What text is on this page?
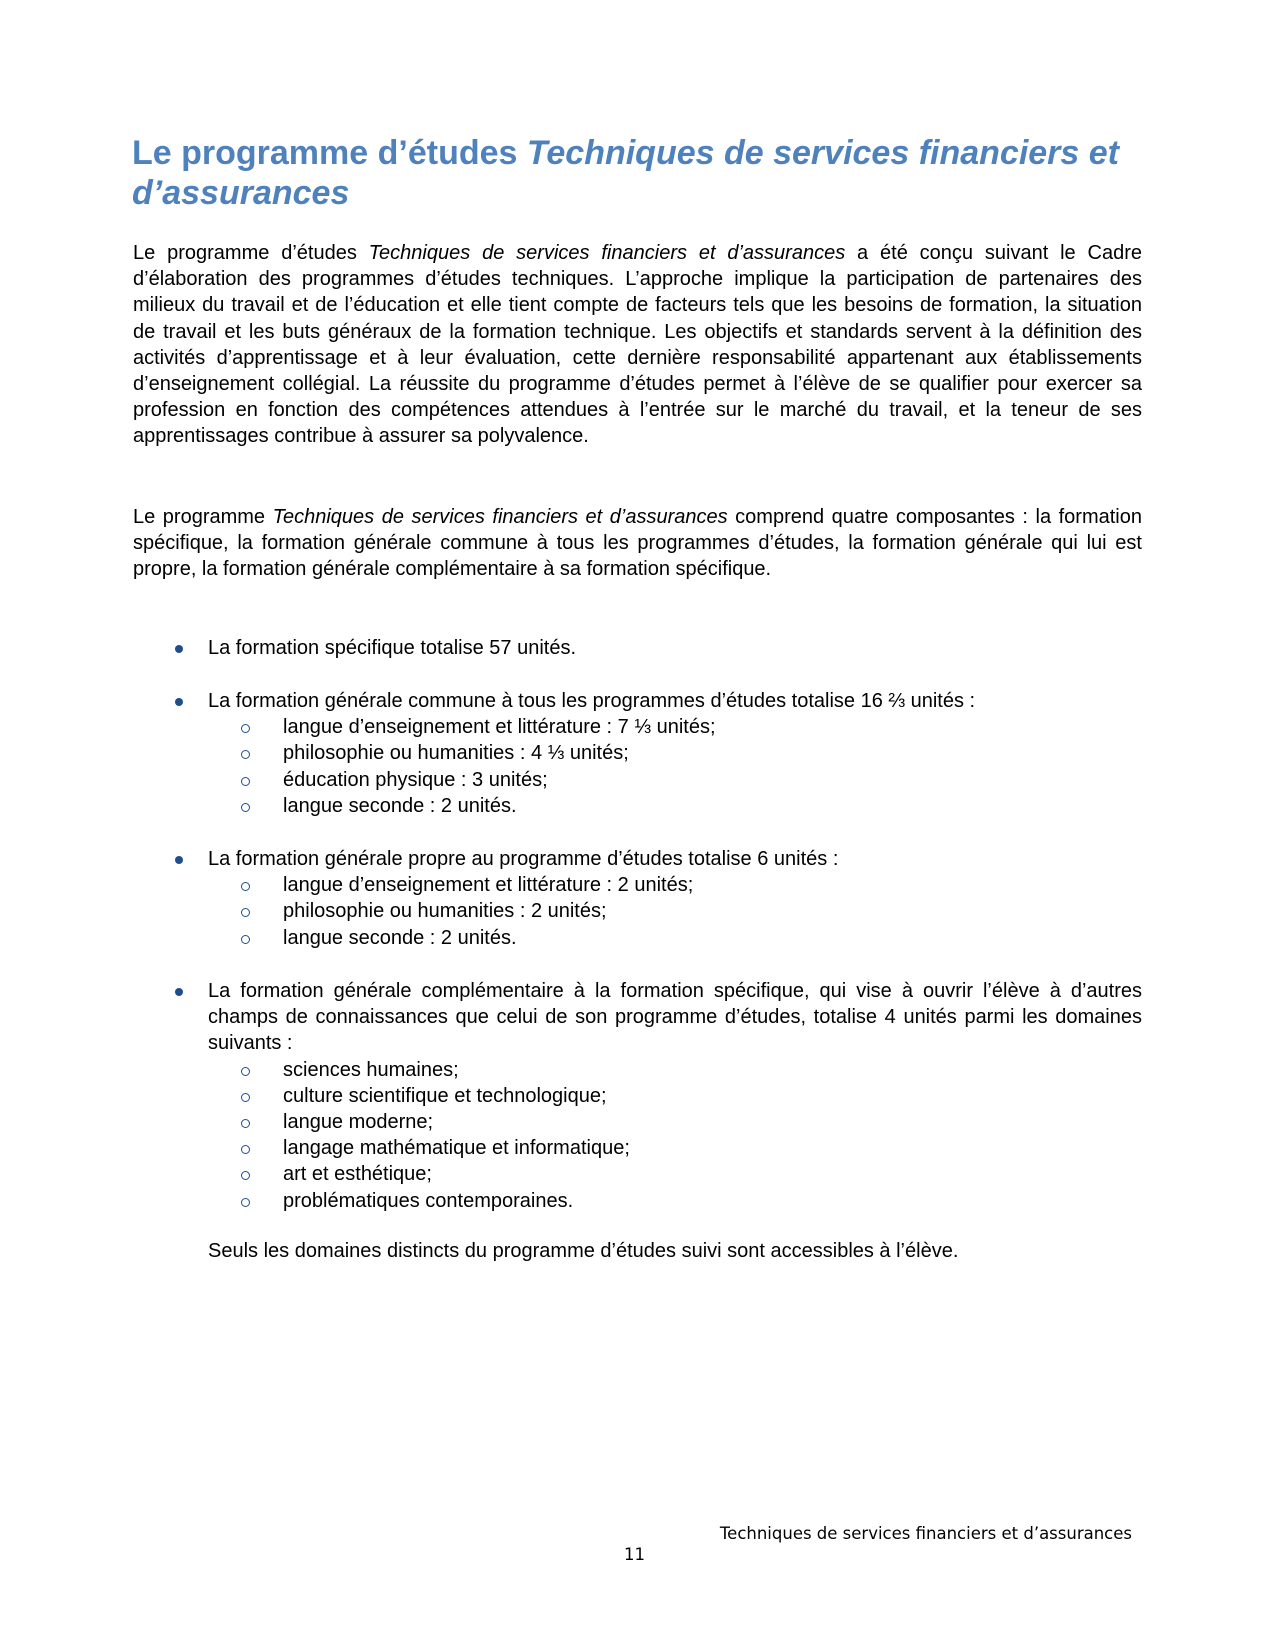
Le programme d’études Techniques de services financiers et d’assurances

Le programme d’études Techniques de services financiers et d’assurances a été conçu suivant le Cadre d’élaboration des programmes d’études techniques. L’approche implique la participation de partenaires des milieux du travail et de l’éducation et elle tient compte de facteurs tels que les besoins de formation, la situation de travail et les buts généraux de la formation technique. Les objectifs et standards servent à la définition des activités d’apprentissage et à leur évaluation, cette dernière responsabilité appartenant aux établissements d’enseignement collégial. La réussite du programme d’études permet à l’élève de se qualifier pour exercer sa profession en fonction des compétences attendues à l’entrée sur le marché du travail, et la teneur de ses apprentissages contribue à assurer sa polyvalence.

Le programme Techniques de services financiers et d’assurances comprend quatre composantes : la formation spécifique, la formation générale commune à tous les programmes d’études, la formation générale qui lui est propre, la formation générale complémentaire à sa formation spécifique.

La formation spécifique totalise 57 unités.
La formation générale commune à tous les programmes d’études totalise 16 ⅔ unités :
langue d’enseignement et littérature : 7 ⅓ unités;
philosophie ou humanities : 4 ⅓ unités;
éducation physique : 3 unités;
langue seconde : 2 unités.
La formation générale propre au programme d’études totalise 6 unités :
langue d’enseignement et littérature : 2 unités;
philosophie ou humanities : 2 unités;
langue seconde : 2 unités.
La formation générale complémentaire à la formation spécifique, qui vise à ouvrir l’élève à d’autres champs de connaissances que celui de son programme d’études, totalise 4 unités parmi les domaines suivants :
sciences humaines;
culture scientifique et technologique;
langue moderne;
langage mathématique et informatique;
art et esthétique;
problématiques contemporaines.
Seuls les domaines distincts du programme d’études suivi sont accessibles à l’élève.
Techniques de services financiers et d’assurances
11
